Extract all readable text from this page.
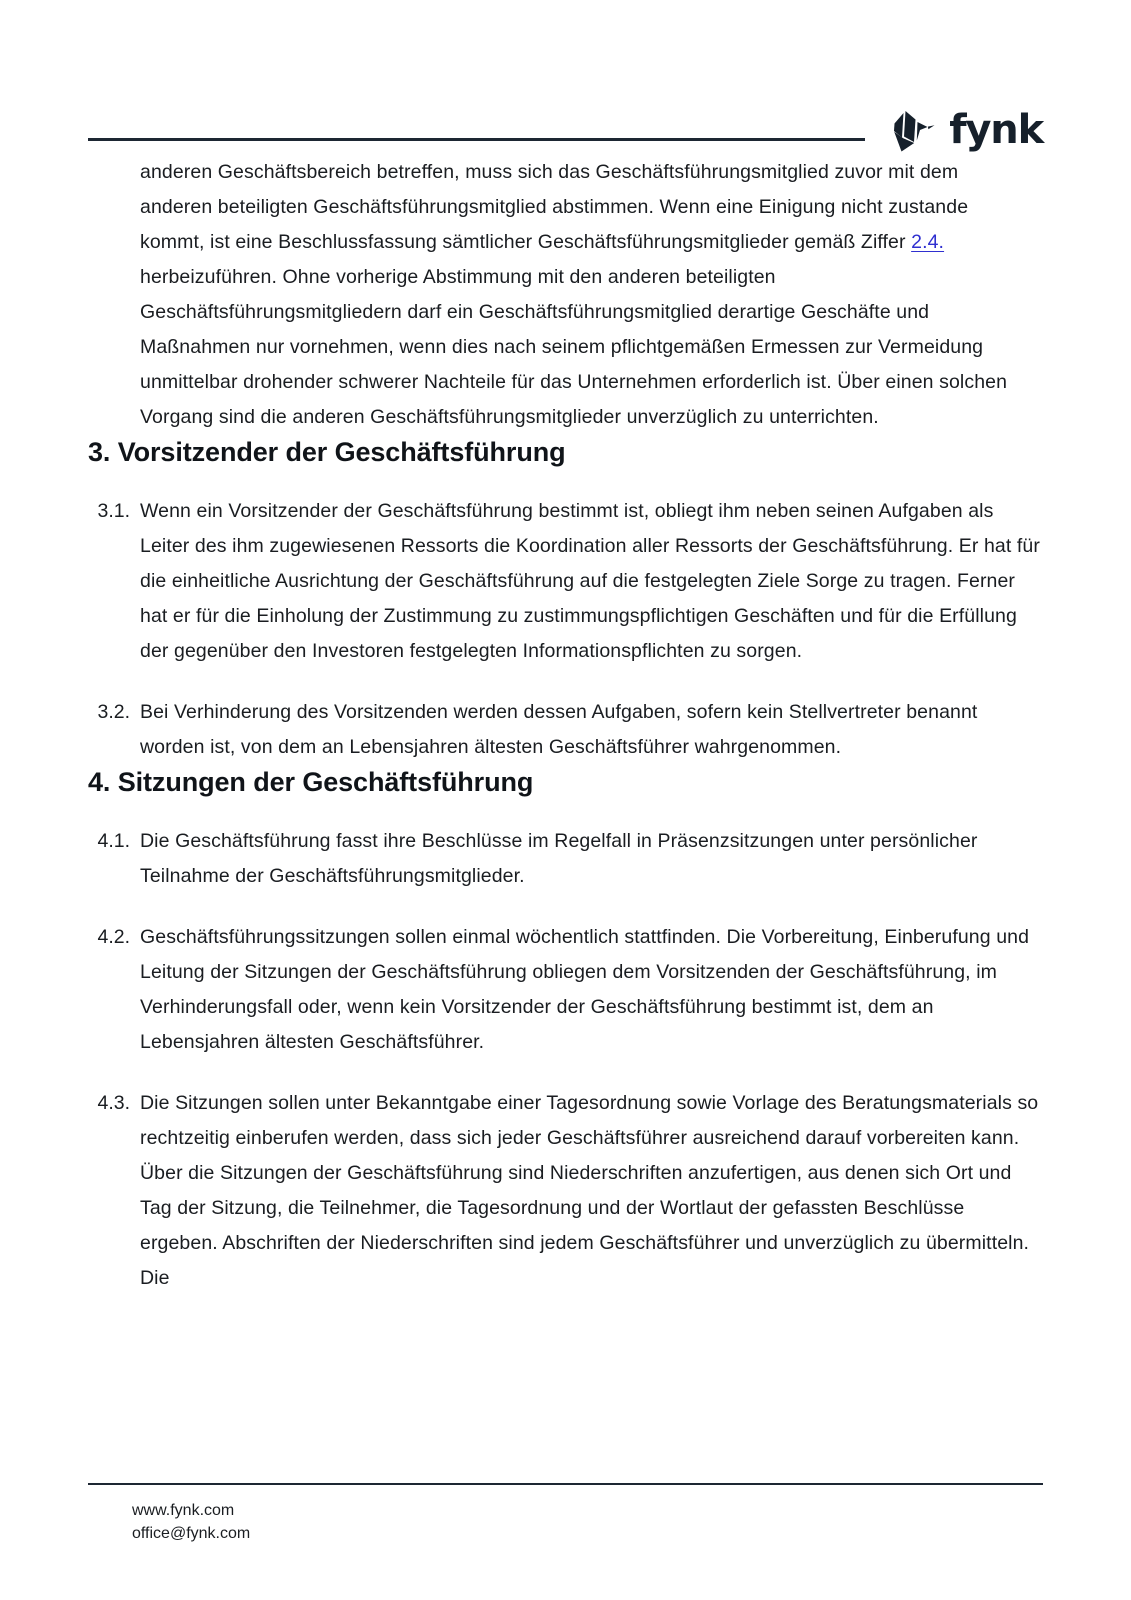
fynk

anderen Geschäftsbereich betreffen, muss sich das Geschäftsführungsmitglied zuvor mit dem anderen beteiligten Geschäftsführungsmitglied abstimmen. Wenn eine Einigung nicht zustande kommt, ist eine Beschlussfassung sämtlicher Geschäftsführungsmitglieder gemäß Ziffer 2.4. herbeizuführen. Ohne vorherige Abstimmung mit den anderen beteiligten Geschäftsführungsmitgliedern darf ein Geschäftsführungsmitglied derartige Geschäfte und Maßnahmen nur vornehmen, wenn dies nach seinem pflichtgemäßen Ermessen zur Vermeidung unmittelbar drohender schwerer Nachteile für das Unternehmen erforderlich ist. Über einen solchen Vorgang sind die anderen Geschäftsführungsmitglieder unverzüglich zu unterrichten.

3. Vorsitzender der Geschäftsführung
3.1. Wenn ein Vorsitzender der Geschäftsführung bestimmt ist, obliegt ihm neben seinen Aufgaben als Leiter des ihm zugewiesenen Ressorts die Koordination aller Ressorts der Geschäftsführung. Er hat für die einheitliche Ausrichtung der Geschäftsführung auf die festgelegten Ziele Sorge zu tragen. Ferner hat er für die Einholung der Zustimmung zu zustimmungspflichtigen Geschäften und für die Erfüllung der gegenüber den Investoren festgelegten Informationspflichten zu sorgen.
3.2. Bei Verhinderung des Vorsitzenden werden dessen Aufgaben, sofern kein Stellvertreter benannt worden ist, von dem an Lebensjahren ältesten Geschäftsführer wahrgenommen.
4. Sitzungen der Geschäftsführung
4.1. Die Geschäftsführung fasst ihre Beschlüsse im Regelfall in Präsenzsitzungen unter persönlicher Teilnahme der Geschäftsführungsmitglieder.
4.2. Geschäftsführungssitzungen sollen einmal wöchentlich stattfinden. Die Vorbereitung, Einberufung und Leitung der Sitzungen der Geschäftsführung obliegen dem Vorsitzenden der Geschäftsführung, im Verhinderungsfall oder, wenn kein Vorsitzender der Geschäftsführung bestimmt ist, dem an Lebensjahren ältesten Geschäftsführer.
4.3. Die Sitzungen sollen unter Bekanntgabe einer Tagesordnung sowie Vorlage des Beratungsmaterials so rechtzeitig einberufen werden, dass sich jeder Geschäftsführer ausreichend darauf vorbereiten kann. Über die Sitzungen der Geschäftsführung sind Niederschriften anzufertigen, aus denen sich Ort und Tag der Sitzung, die Teilnehmer, die Tagesordnung und der Wortlaut der gefassten Beschlüsse ergeben. Abschriften der Niederschriften sind jedem Geschäftsführer und unverzüglich zu übermitteln. Die
www.fynk.com
office@fynk.com
